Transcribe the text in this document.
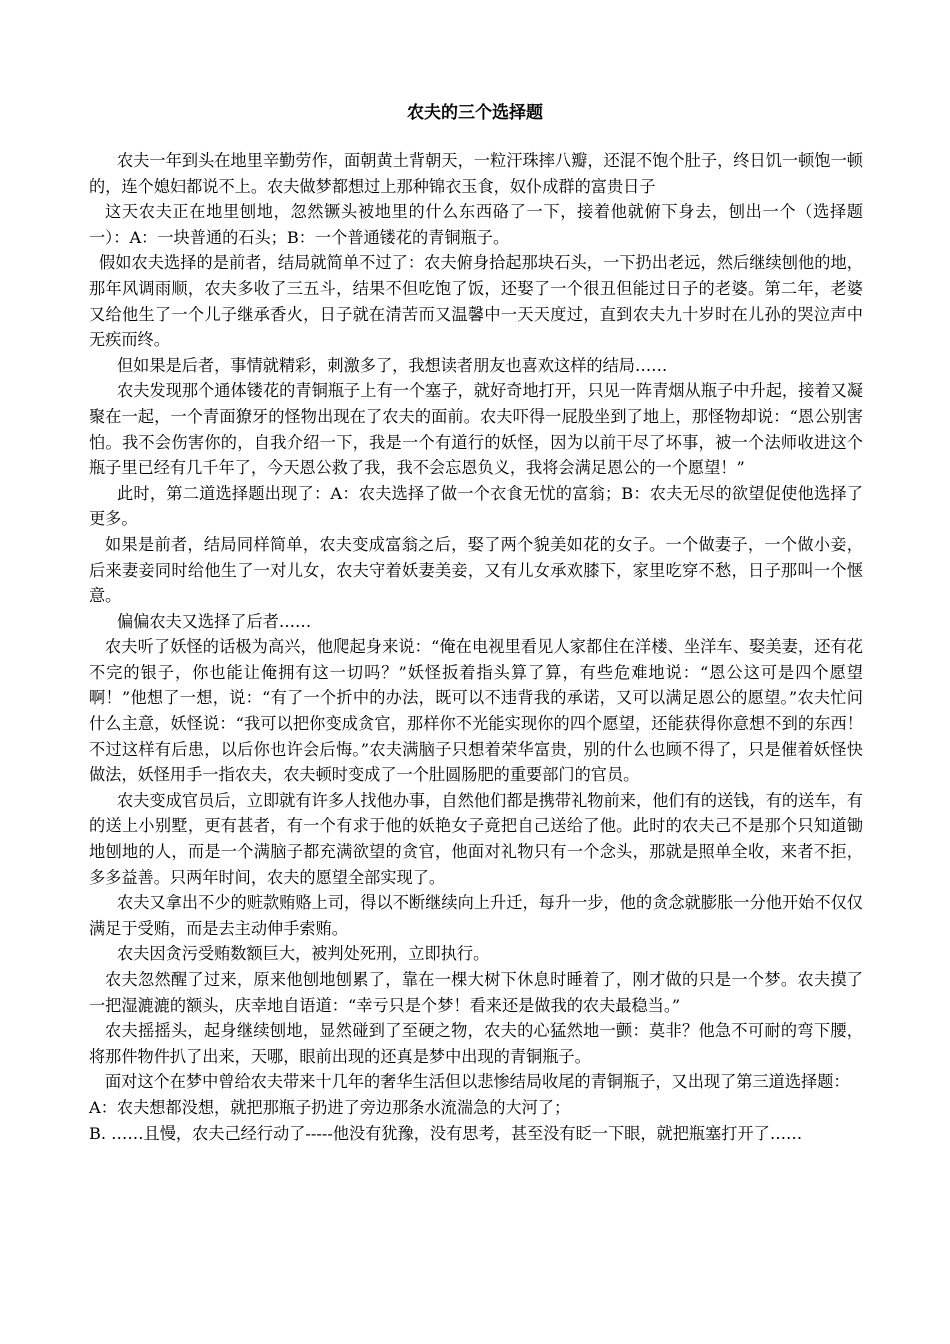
农夫的三个选择题

农夫一年到头在地里辛勤劳作，面朝黄土背朝天，一粒汗珠摔八瓣，还混不饱个肚子，终日饥一顿饱一顿的，连个媳妇都说不上。农夫做梦都想过上那种锦衣玉食，奴仆成群的富贵日子

这天农夫正在地里刨地，忽然镢头被地里的什么东西硌了一下，接着他就俯下身去，刨出一个（选择题一）：A：一块普通的石头；B：一个普通镂花的青铜瓶子。

假如农夫选择的是前者，结局就简单不过了：农夫俯身拾起那块石头，一下扔出老远，然后继续刨他的地，那年风调雨顺，农夫多收了三五斗，结果不但吃饱了饭，还娶了一个很丑但能过日子的老婆。第二年，老婆又给他生了一个儿子继承香火，日子就在清苦而又温馨中一天天度过，直到农夫九十岁时在儿孙的哭泣声中无疾而终。

但如果是后者，事情就精彩，刺激多了，我想读者朋友也喜欢这样的结局……

农夫发现那个通体镂花的青铜瓶子上有一个塞子，就好奇地打开，只见一阵青烟从瓶子中升起，接着又凝聚在一起，一个青面獠牙的怪物出现在了农夫的面前。农夫吓得一屁股坐到了地上，那怪物却说：“恩公别害怕。我不会伤害你的，自我介绍一下，我是一个有道行的妖怪，因为以前干尽了坏事，被一个法师收进这个瓶子里已经有几千年了，今天恩公救了我，我不会忘恩负义，我将会满足恩公的一个愿望！”

此时，第二道选择题出现了：A：农夫选择了做一个衣食无忧的富翁；B：农夫无尽的欲望促使他选择了更多。

如果是前者，结局同样简单，农夫变成富翁之后，娶了两个貌美如花的女子。一个做妻子，一个做小妾，后来妻妾同时给他生了一对儿女，农夫守着妖妻美妾，又有儿女承欢膝下，家里吃穿不愁，日子那叫一个惬意。

偏偏农夫又选择了后者……

农夫听了妖怪的话极为高兴，他爬起身来说：“俺在电视里看见人家都住在洋楼、坐洋车、娶美妻，还有花不完的银子，你也能让俺拥有这一切吗？”妖怪扳着指头算了算，有些危难地说：“恩公这可是四个愿望啊！”他想了一想，说：“有了一个折中的办法，既可以不违背我的承诺，又可以满足恩公的愿望。”农夫忙问什么主意，妖怪说：“我可以把你变成贪官，那样你不光能实现你的四个愿望，还能获得你意想不到的东西！不过这样有后患，以后你也许会后悔。”农夫满脑子只想着荣华富贵，别的什么也顾不得了，只是催着妖怪快做法，妖怪用手一指农夫，农夫顿时变成了一个肚圆肠肥的重要部门的官员。

农夫变成官员后，立即就有许多人找他办事，自然他们都是携带礼物前来，他们有的送钱，有的送车，有的送上小别墅，更有甚者，有一个有求于他的妖艳女子竟把自己送给了他。此时的农夫己不是那个只知道锄地刨地的人，而是一个满脑子都充满欲望的贪官，他面对礼物只有一个念头，那就是照单全收，来者不拒，多多益善。只两年时间，农夫的愿望全部实现了。

农夫又拿出不少的赃款贿赂上司，得以不断继续向上升迁，每升一步，他的贪念就膨胀一分他开始不仅仅满足于受贿，而是去主动伸手索贿。

农夫因贪污受贿数额巨大，被判处死刑，立即执行。

农夫忽然醒了过来，原来他刨地刨累了，靠在一棵大树下休息时睡着了，刚才做的只是一个梦。农夫摸了一把湿漉漉的额头，庆幸地自语道：“幸亏只是个梦！看来还是做我的农夫最稳当。”

农夫摇摇头，起身继续刨地，显然碰到了至硬之物，农夫的心猛然地一颤：莫非？他急不可耐的弯下腰，将那件物件扒了出来，天哪，眼前出现的还真是梦中出现的青铜瓶子。

面对这个在梦中曾给农夫带来十几年的奢华生活但以悲惨结局收尾的青铜瓶子，又出现了第三道选择题：

A：农夫想都没想，就把那瓶子扔进了旁边那条水流湍急的大河了；

B. ……且慢，农夫己经行动了-----他没有犹豫，没有思考，甚至没有眨一下眼，就把瓶塞打开了……
